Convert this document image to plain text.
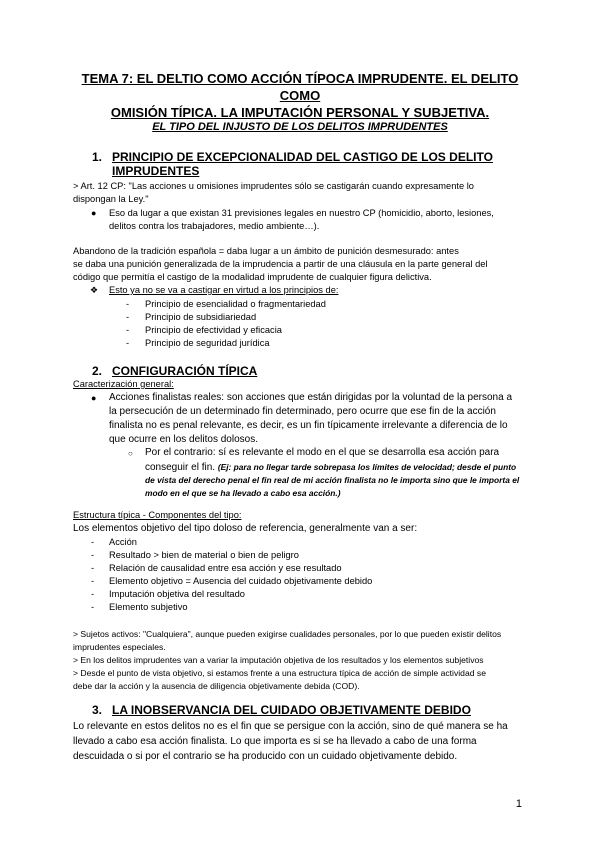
TEMA 7: EL DELTIO COMO ACCIÓN TÍPOCA IMPRUDENTE. EL DELITO COMO
OMISIÓN TÍPICA. LA IMPUTACIÓN PERSONAL Y SUBJETIVA.
EL TIPO DEL INJUSTO DE LOS DELITOS IMPRUDENTES
1. PRINCIPIO DE EXCEPCIONALIDAD DEL CASTIGO DE LOS DELITO
IMPRUDENTES
> Art. 12 CP: "Las acciones u omisiones imprudentes sólo se castigarán cuando expresamente lo
dispongan la Ley."
● Eso da lugar a que existan 31 previsiones legales en nuestro CP (homicidio, aborto, lesiones,
delitos contra los trabajadores, medio ambiente…).
Abandono de la tradición española = daba lugar a un ámbito de punición desmesurado: antes
se daba una punición generalizada de la imprudencia a partir de una cláusula en la parte general del
código que permitía el castigo de la modalidad imprudente de cualquier figura delictiva.
❖ Esto ya no se va a castigar en virtud a los principios de:
- Principio de esencialidad o fragmentariedad
- Principio de subsidiariedad
- Principio de efectividad y eficacia
- Principio de seguridad jurídica
2. CONFIGURACIÓN TÍPICA
Caracterización general:
● Acciones finalistas reales: son acciones que están dirigidas por la voluntad de la persona a
la persecución de un determinado fin determinado, pero ocurre que ese fin de la acción
finalista no es penal relevante, es decir, es un fin típicamente irrelevante a diferencia de lo
que ocurre en los delitos dolosos.
○ Por el contrario: sí es relevante el modo en el que se desarrolla esa acción para
conseguir el fin. (Ej: para no llegar tarde sobrepasa los límites de velocidad; desde el punto
de vista del derecho penal el fin real de mi acción finalista no le importa sino que le importa el
modo en el que se ha llevado a cabo esa acción.)
Estructura típica - Componentes del tipo:
Los elementos objetivo del tipo doloso de referencia, generalmente van a ser:
- Acción
- Resultado > bien de material o bien de peligro
- Relación de causalidad entre esa acción y ese resultado
- Elemento objetivo = Ausencia del cuidado objetivamente debido
- Imputación objetiva del resultado
- Elemento subjetivo
> Sujetos activos: "Cualquiera", aunque pueden exigirse cualidades personales, por lo que pueden existir delitos
imprudentes especiales.
> En los delitos imprudentes van a variar la imputación objetiva de los resultados y los elementos subjetivos
> Desde el punto de vista objetivo, si estamos frente a una estructura típica de acción de simple actividad se
debe dar la acción y la ausencia de diligencia objetivamente debida (COD).
3. LA INOBSERVANCIA DEL CUIDADO OBJETIVAMENTE DEBIDO
Lo relevante en estos delitos no es el fin que se persigue con la acción, sino de qué manera se ha
llevado a cabo esa acción finalista. Lo que importa es si se ha llevado a cabo de una forma
descuidada o si por el contrario se ha producido con un cuidado objetivamente debido.
1
